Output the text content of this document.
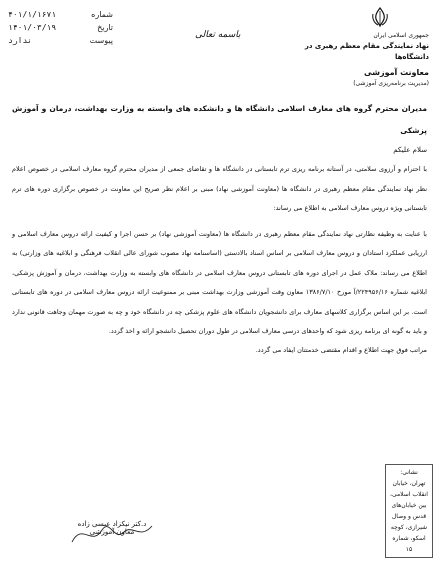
۴۰۱/۱/۱۶۷۱	شماره
۱۴۰۱/۰۳/۱۹	تاریخ
ندارد	پیوست
باسمه تعالی	جمهوری اسلامی ایران
نهاد نمایندگی مقام معظم رهبری در دانشگاه‌ها
معاونت آموزشی
(مدیریت برنامه‌ریزی آموزشی)
مدیران محترم گروه های معارف اسلامی دانشگاه ها و دانشکده های وابسته به وزارت بهداشت، درمان و آموزش پزشکی
سلام علیکم
با احترام و آرزوی سلامتی، در آستانه برنامه ریزی ترم تابستانی در دانشگاه ها و تقاضای جمعی از مدیران محترم گروه معارف اسلامی در خصوص اعلام نظر نهاد نمایندگی مقام معظم رهبری در دانشگاه ها (معاونت آموزشی نهاد) مبنی بر اعلام نظر صریح این معاونت در خصوص برگزاری دوره های ترم تابستانی ویژه دروس معارف اسلامی به اطلاع می رساند:
با عنایت به وظیفه نظارتی نهاد نمایندگی مقام معظم رهبری در دانشگاه ها (معاونت آموزشی نهاد) بر حسن اجرا و کیفیت ارائه دروس معارف اسلامی و ارزیابی عملکرد استادان و دروس معارف اسلامی بر اساس اسناد بالادستی (اساسنامه نهاد مصوب شورای عالی انقلاب فرهنگی و ابلاغیه های وزارتی) به اطلاع می رساند: ملاک عمل در اجرای دوره های تابستانی دروس معارف اسلامی در دانشگاه های وابسته به وزارت بهداشت، درمان و آموزش پزشکی، ابلاغیه شماره ۲۲۴۹۵۶/۱۶/آ مورخ ۱۳۸۶/۷/۱۰ معاون وقت آموزشی وزارت بهداشت مبنی بر ممنوعیت ارائه دروس معارف اسلامی در دوره های تابستانی است. بر این اساس برگزاری کلاسهای معارف برای دانشجویان دانشگاه های علوم پزشکی چه در دانشگاه خود و چه به صورت مهمان وجاهت قانونی ندارد و باید به گونه ای برنامه ریزی شود که واحدهای درسی معارف اسلامی در طول دوران تحصیل دانشجو ارائه و اخذ گردد.
مراتب فوق جهت اطلاع و اقدام مقتضی خدمتتان ایفاد می گردد.
د.کتر نیکزاد عیسی زاده
معاون آموزشی
نشانی:
تهران، خیابان انقلاب اسلامی، بین خیابان‌های قدس و وصال شیرازی، کوچه اسکو، شماره ۱۵
